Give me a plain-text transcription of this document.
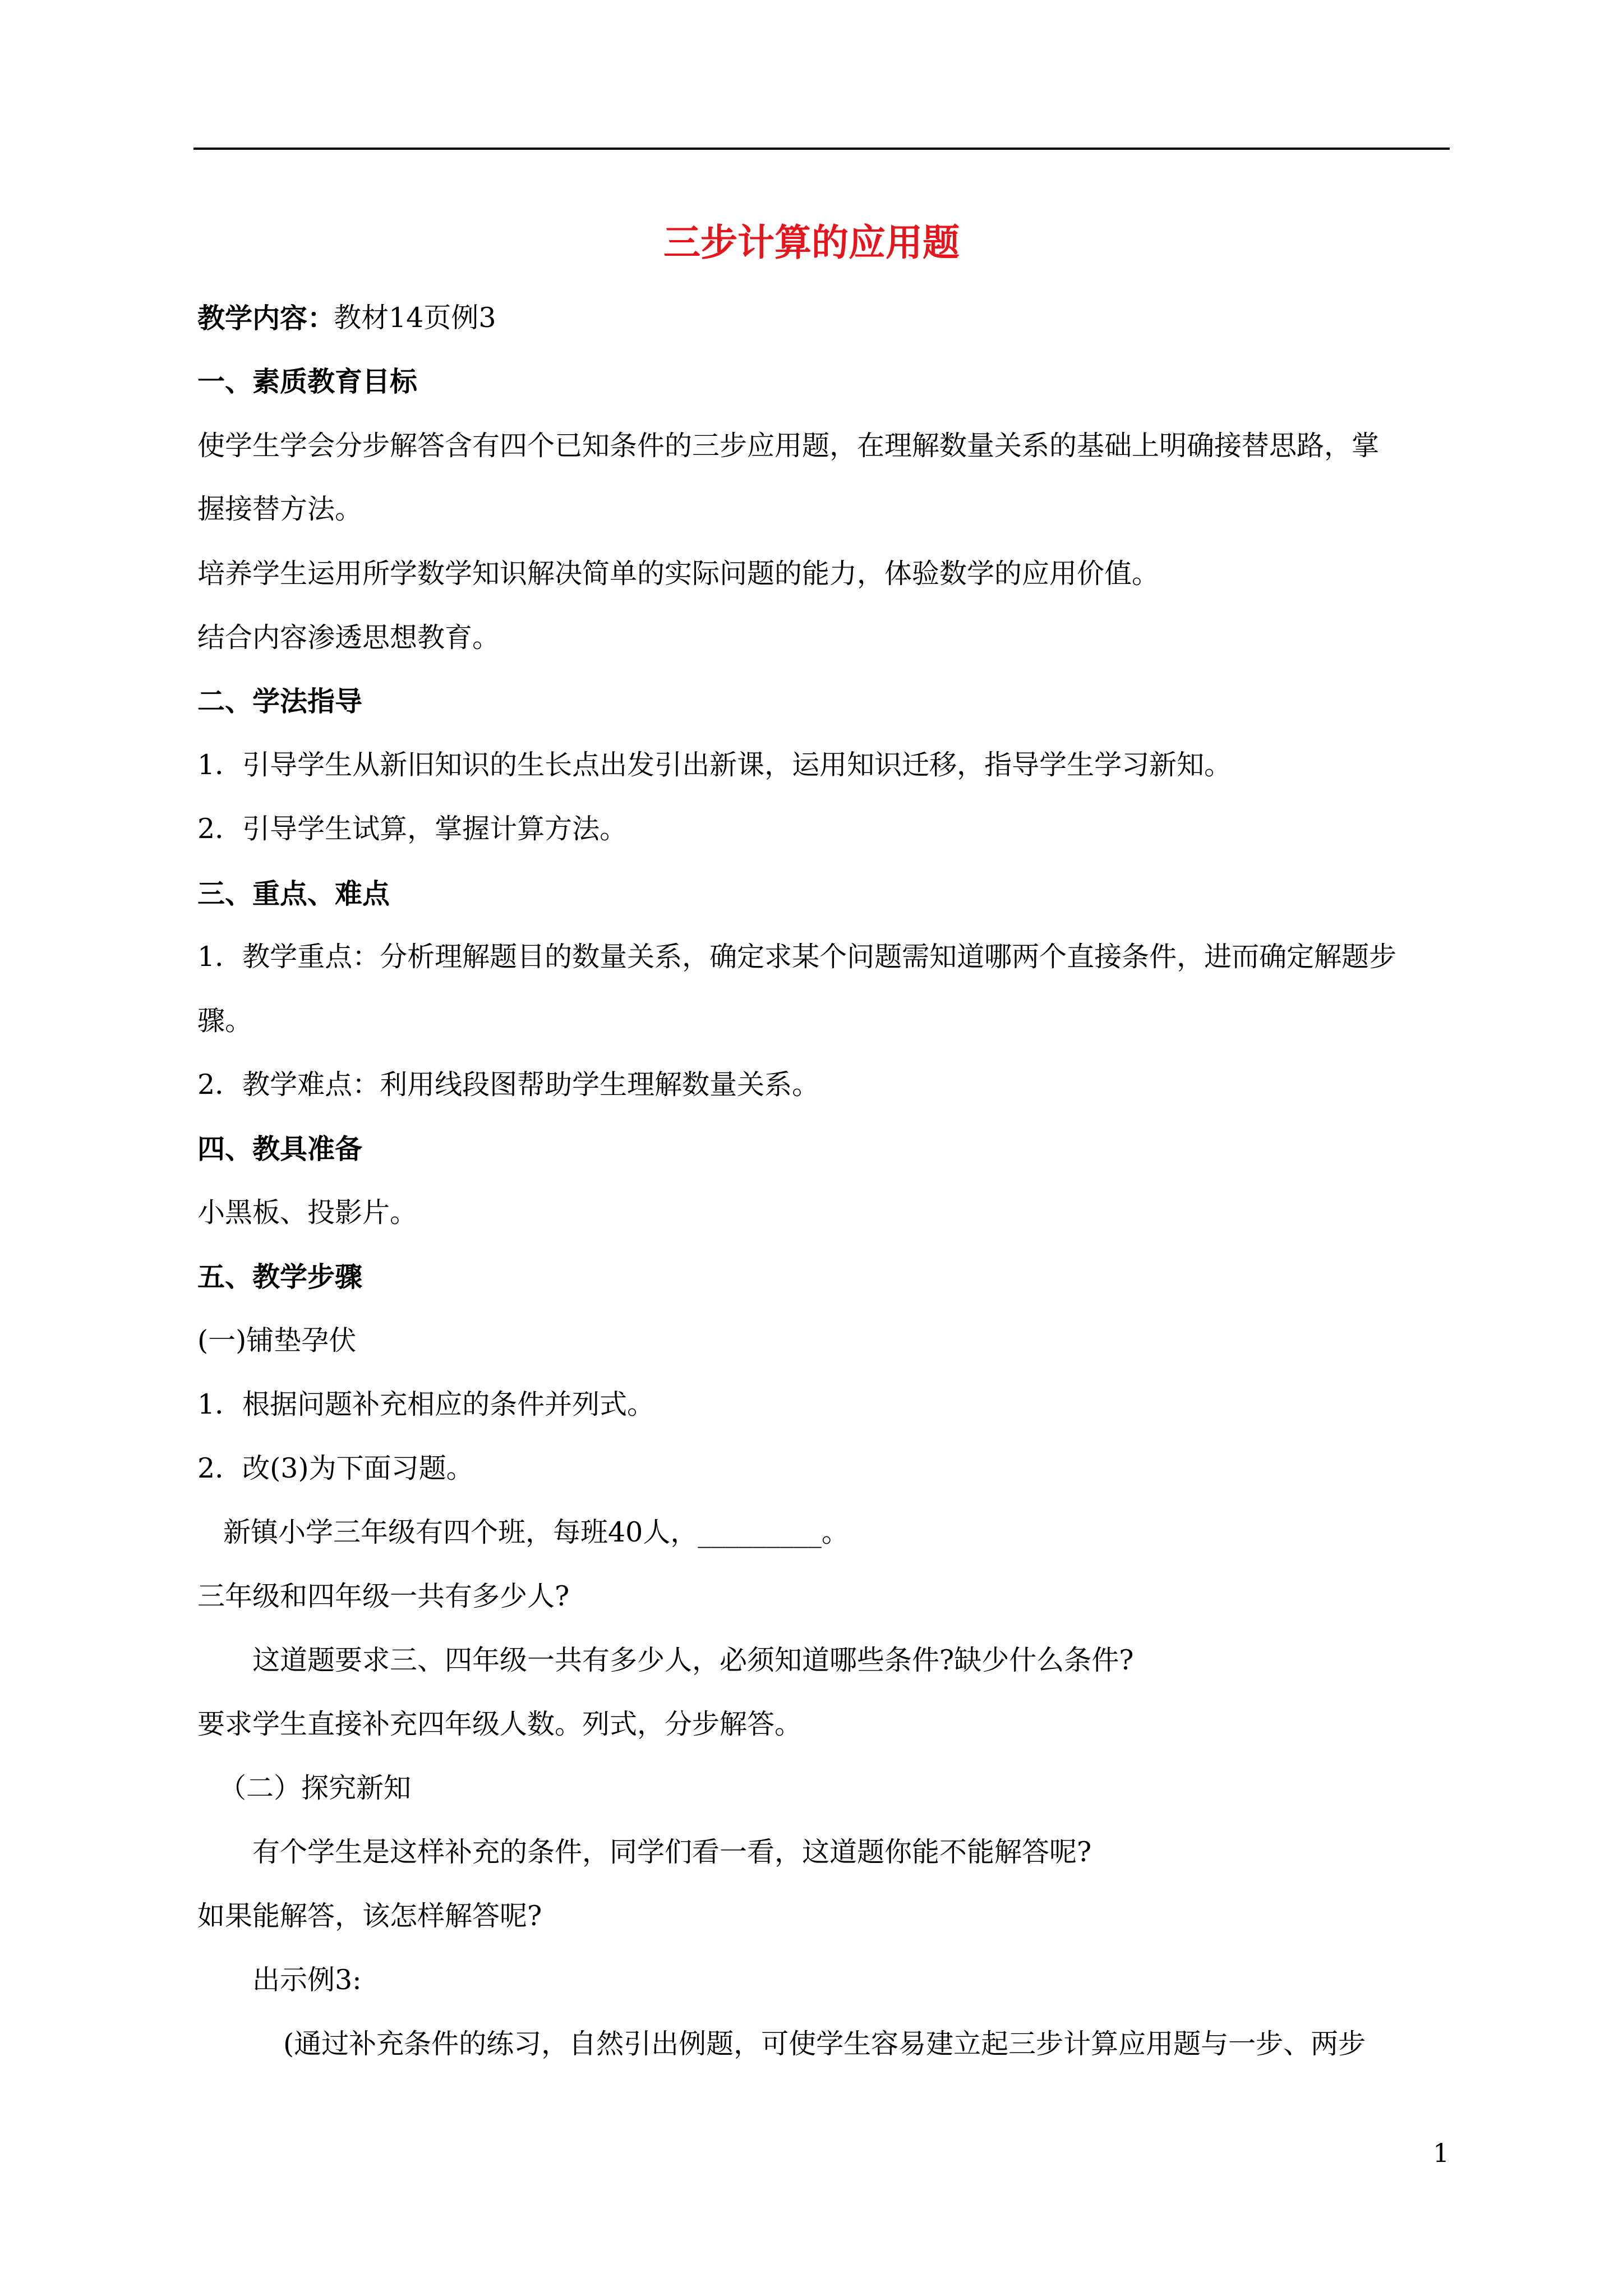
三步计算的应用题
教学内容：
教材14页例3
一、素质教育目标
使学生学会分步解答含有四个已知条件的三步应用题，在理解数量关系的基础上明确接替思路，掌
握接替方法。
培养学生运用所学数学知识解决简单的实际问题的能力，体验数学的应用价值。
结合内容渗透思想教育。
二、学法指导
1．引导学生从新旧知识的生长点出发引出新课，运用知识迁移，指导学生学习新知。
2．引导学生试算，掌握计算方法。
三、重点、难点
1．教学重点：分析理解题目的数量关系，确定求某个问题需知道哪两个直接条件，进而确定解题步
骤。
2．教学难点：利用线段图帮助学生理解数量关系。
四、教具准备
小黑板、投影片。
五、教学步骤
(一)铺垫孕伏
1．根据问题补充相应的条件并列式。
2．改(3)为下面习题。
新镇小学三年级有四个班，每班40人，_________。
三年级和四年级一共有多少人?
这道题要求三、四年级一共有多少人，必须知道哪些条件?缺少什么条件?
要求学生直接补充四年级人数。列式，分步解答。
（二）探究新知
有个学生是这样补充的条件，同学们看一看，这道题你能不能解答呢?
如果能解答，该怎样解答呢?
出示例3:
(通过补充条件的练习，自然引出例题，可使学生容易建立起三步计算应用题与一步、两步
1
